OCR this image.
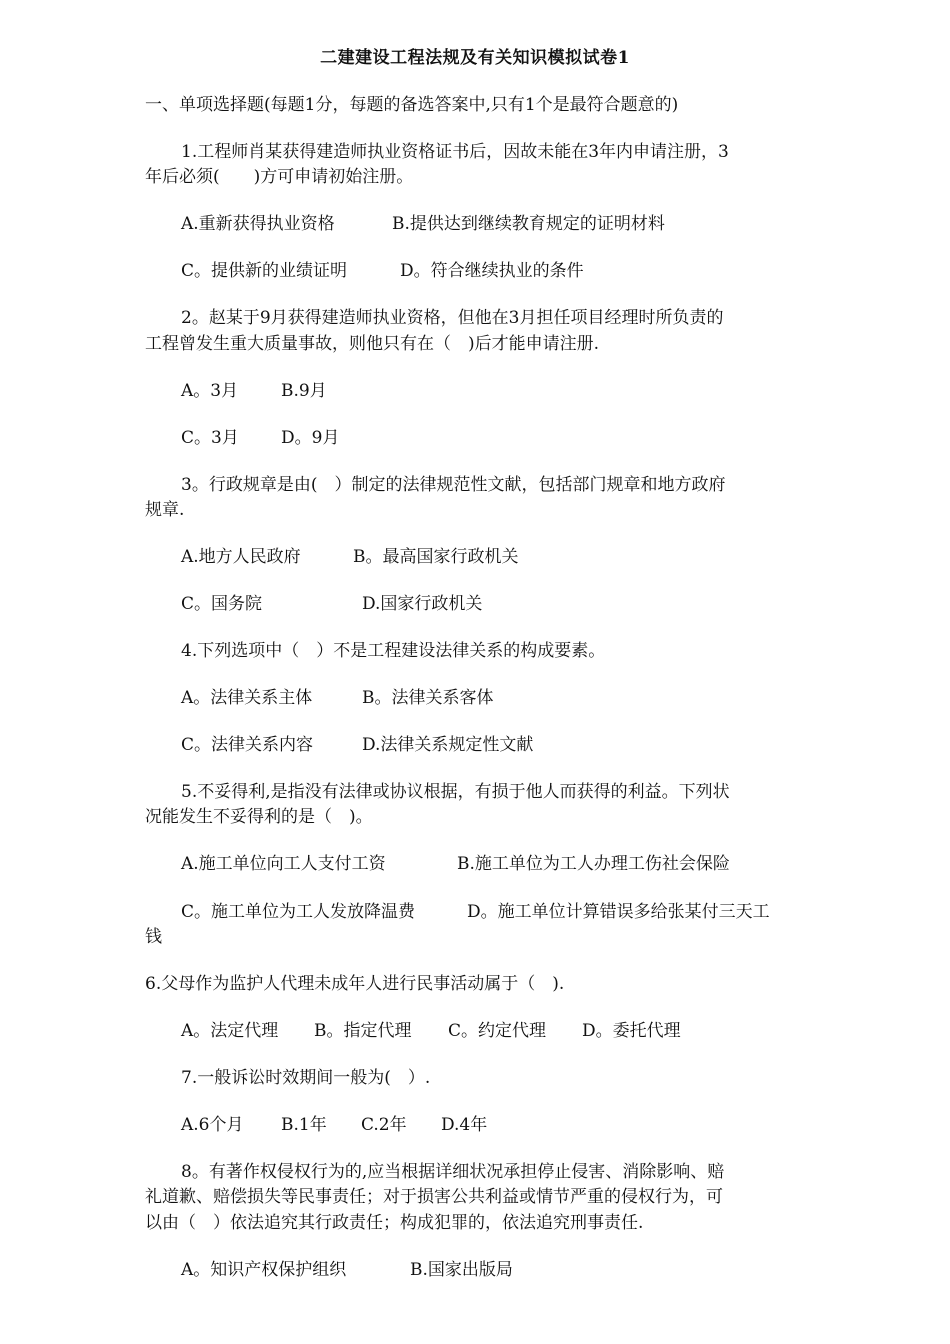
二建建设工程法规及有关知识模拟试卷1
一、单项选择题(每题1分，每题的备选答案中,只有1个是最符合题意的)
1.工程师肖某获得建造师执业资格证书后，因故未能在3年内申请注册，3
年后必须(　　)方可申请初始注册。
A.重新获得执业资格	B.提供达到继续教育规定的证明材料
C。提供新的业绩证明	D。符合继续执业的条件
2。赵某于9月获得建造师执业资格，但他在3月担任项目经理时所负责的
工程曾发生重大质量事故，则他只有在（　)后才能申请注册.
A。3月	B.9月
C。3月 D。9月
3。行政规章是由(　）制定的法律规范性文献，包括部门规章和地方政府
规章.
A.地方人民政府	B。最高国家行政机关
C。国务院	D.国家行政机关
4.下列选项中（　）不是工程建设法律关系的构成要素。
A。法律关系主体	B。法律关系客体
C。法律关系内容	D.法律关系规定性文献
5.不妥得利,是指没有法律或协议根据，有损于他人而获得的利益。下列状
况能发生不妥得利的是（　)。
A.施工单位向工人支付工资	B.施工单位为工人办理工伤社会保险
C。施工单位为工人发放降温费	D。施工单位计算错误多给张某付三天工
钱
6.父母作为监护人代理未成年人进行民事活动属于（　).
A。法定代理 B。指定代理 C。约定代理 D。委托代理
7.一般诉讼时效期间一般为(　）.
A.6个月 B.1年 C.2年 D.4年
8。有著作权侵权行为的,应当根据详细状况承担停止侵害、消除影响、赔
礼道歉、赔偿损失等民事责任；对于损害公共利益或情节严重的侵权行为，可
以由（　）依法追究其行政责任；构成犯罪的，依法追究刑事责任.
A。知识产权保护组织	B.国家出版局
